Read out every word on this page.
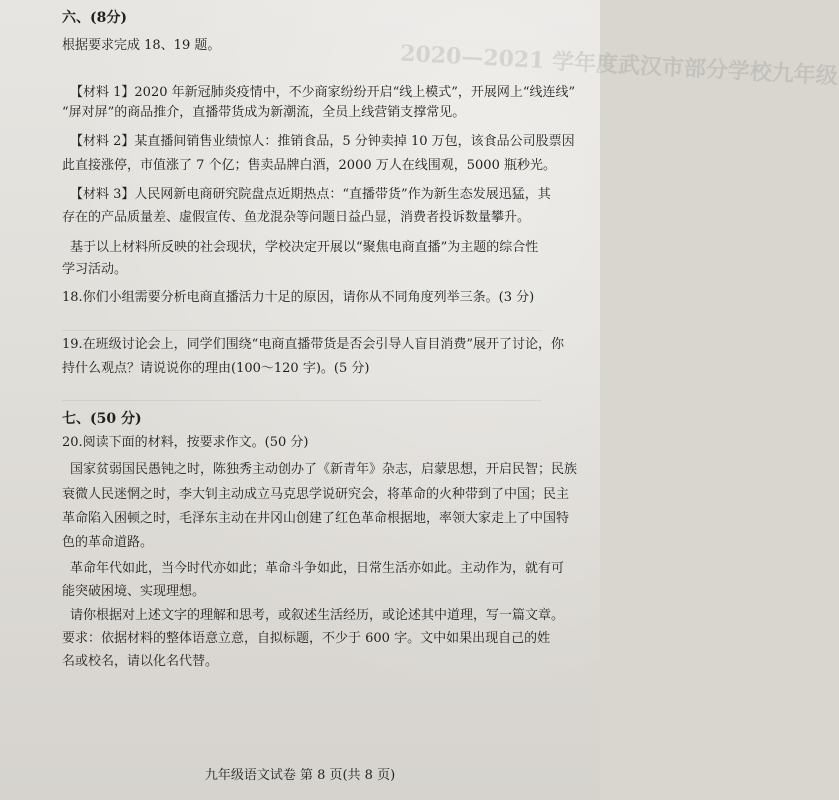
2020—2021 学年度武汉市部分学校九年级
六、(8分)
根据要求完成 18、19 题。
【材料 1】2020 年新冠肺炎疫情中，不少商家纷纷开启“线上模式”，开展网上“线连线”
“屏对屏”的商品推介，直播带货成为新潮流，全员上线营销支撑常见。
【材料 2】某直播间销售业绩惊人：推销食品，5 分钟卖掉 10 万包，该食品公司股票因
此直接涨停，市值涨了 7 个亿；售卖品牌白酒，2000 万人在线围观，5000 瓶秒光。
【材料 3】人民网新电商研究院盘点近期热点：“直播带货”作为新生态发展迅猛，其
存在的产品质量差、虚假宣传、鱼龙混杂等问题日益凸显，消费者投诉数量攀升。
基于以上材料所反映的社会现状，学校决定开展以“聚焦电商直播”为主题的综合性
学习活动。
18.你们小组需要分析电商直播活力十足的原因，请你从不同角度列举三条。(3 分)
19.在班级讨论会上，同学们围绕“电商直播带货是否会引导人盲目消费”展开了讨论，你
持什么观点？请说说你的理由(100～120 字)。(5 分)
七、(50 分)
20.阅读下面的材料，按要求作文。(50 分)
国家贫弱国民愚钝之时，陈独秀主动创办了《新青年》杂志，启蒙思想，开启民智；民族
衰微人民迷惘之时，李大钊主动成立马克思学说研究会，将革命的火种带到了中国；民主
革命陷入困顿之时，毛泽东主动在井冈山创建了红色革命根据地，率领大家走上了中国特
色的革命道路。
革命年代如此，当今时代亦如此；革命斗争如此，日常生活亦如此。主动作为，就有可
能突破困境、实现理想。
请你根据对上述文字的理解和思考，或叙述生活经历，或论述其中道理，写一篇文章。
要求：依据材料的整体语意立意，自拟标题，不少于 600 字。文中如果出现自己的姓
名或校名，请以化名代替。
九年级语文试卷 第 8 页(共 8 页)
